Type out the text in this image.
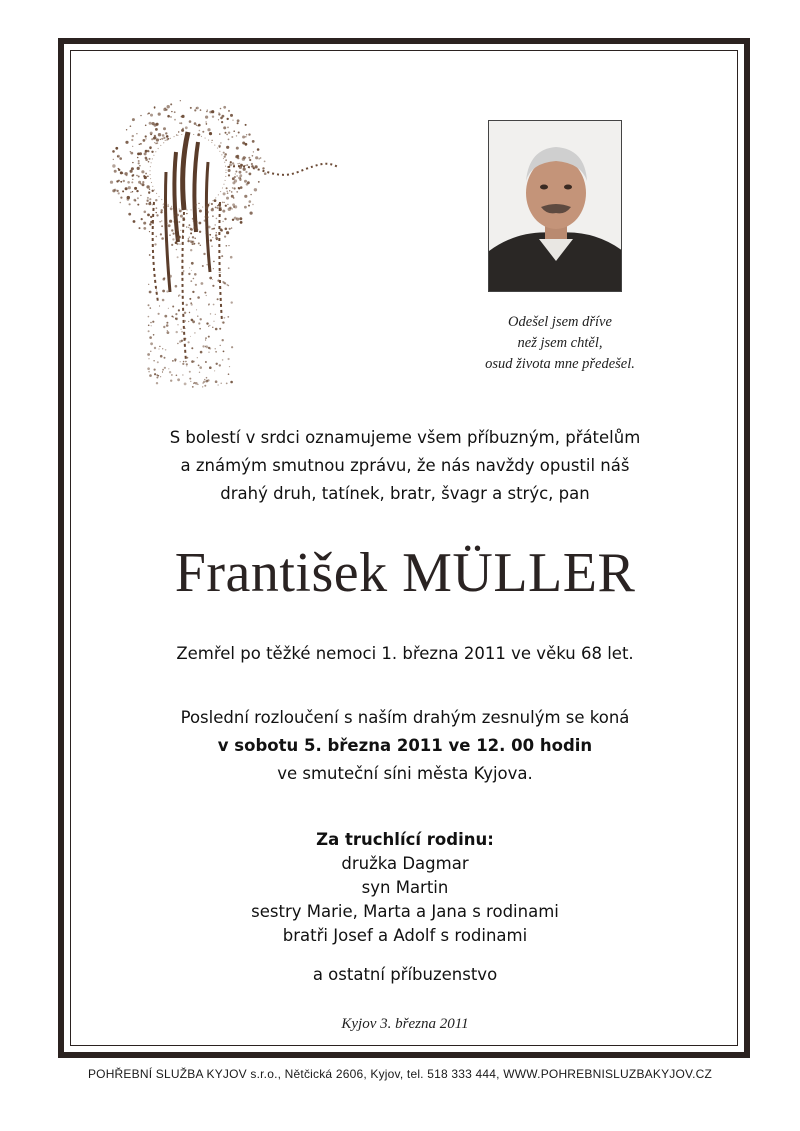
Odešel jsem dříve
než jsem chtěl,
osud života mne předešel.
S bolestí v srdci oznamujeme všem příbuzným, přátelům
a známým smutnou zprávu, že nás navždy opustil náš
drahý druh, tatínek, bratr, švagr a strýc, pan
František MÜLLER
Zemřel po těžké nemoci 1. března 2011 ve věku 68 let.
Poslední rozloučení s naším drahým zesnulým se koná
v sobotu 5. března 2011 ve 12. 00 hodin
ve smuteční síni města Kyjova.
Za truchlící rodinu:
družka Dagmar
syn Martin
sestry Marie, Marta a Jana s rodinami
bratři Josef a Adolf s rodinami
a ostatní příbuzenstvo
Kyjov 3. března 2011
POHŘEBNÍ SLUŽBA KYJOV s.r.o., Nětčická 2606, Kyjov, tel. 518 333 444, WWW.POHREBNISLUZBAKYJOV.CZ
